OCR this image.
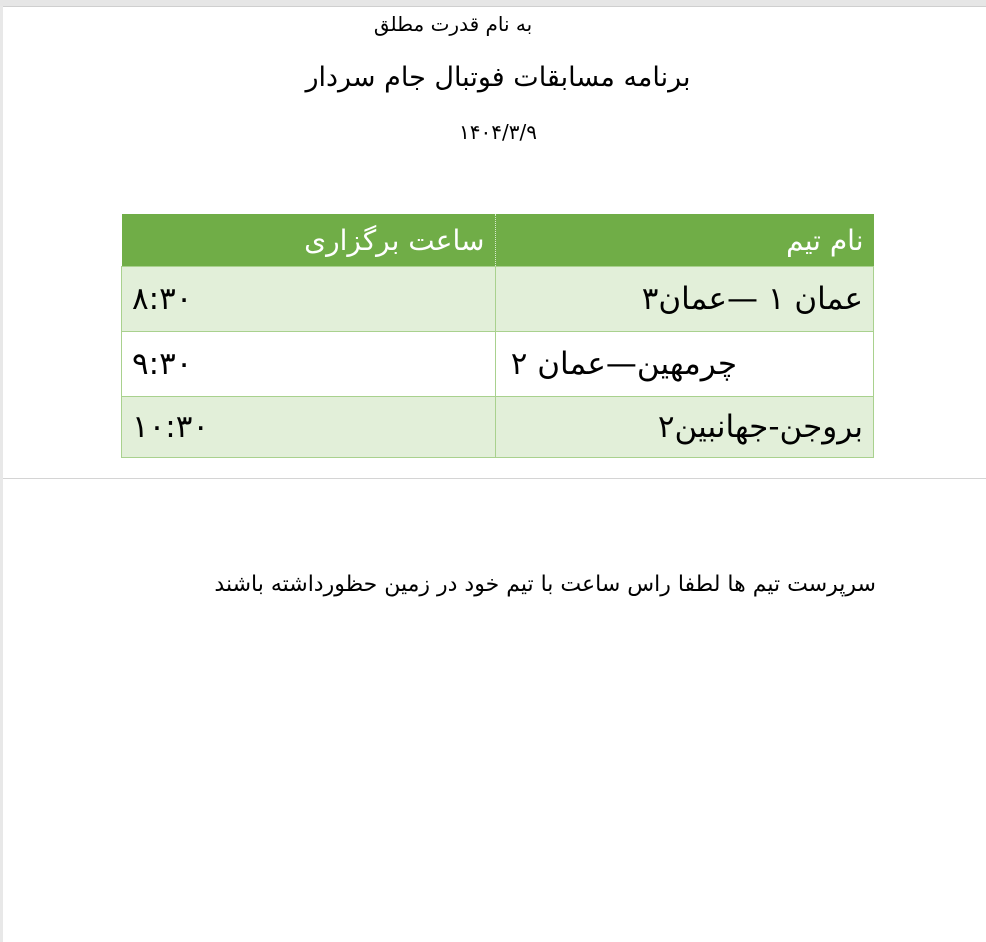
به نام قدرت مطلق
برنامه مسابقات فوتبال جام سردار
۱۴۰۴/۳/۹
نام تیم	ساعت برگزاری
عمان ۱ —عمان۳	۸:۳۰
چرمهین—عمان ۲	۹:۳۰
بروجن-جهانبین۲	۱۰:۳۰
سرپرست تیم ها لطفا راس ساعت با تیم خود در زمین حظورداشته باشند
